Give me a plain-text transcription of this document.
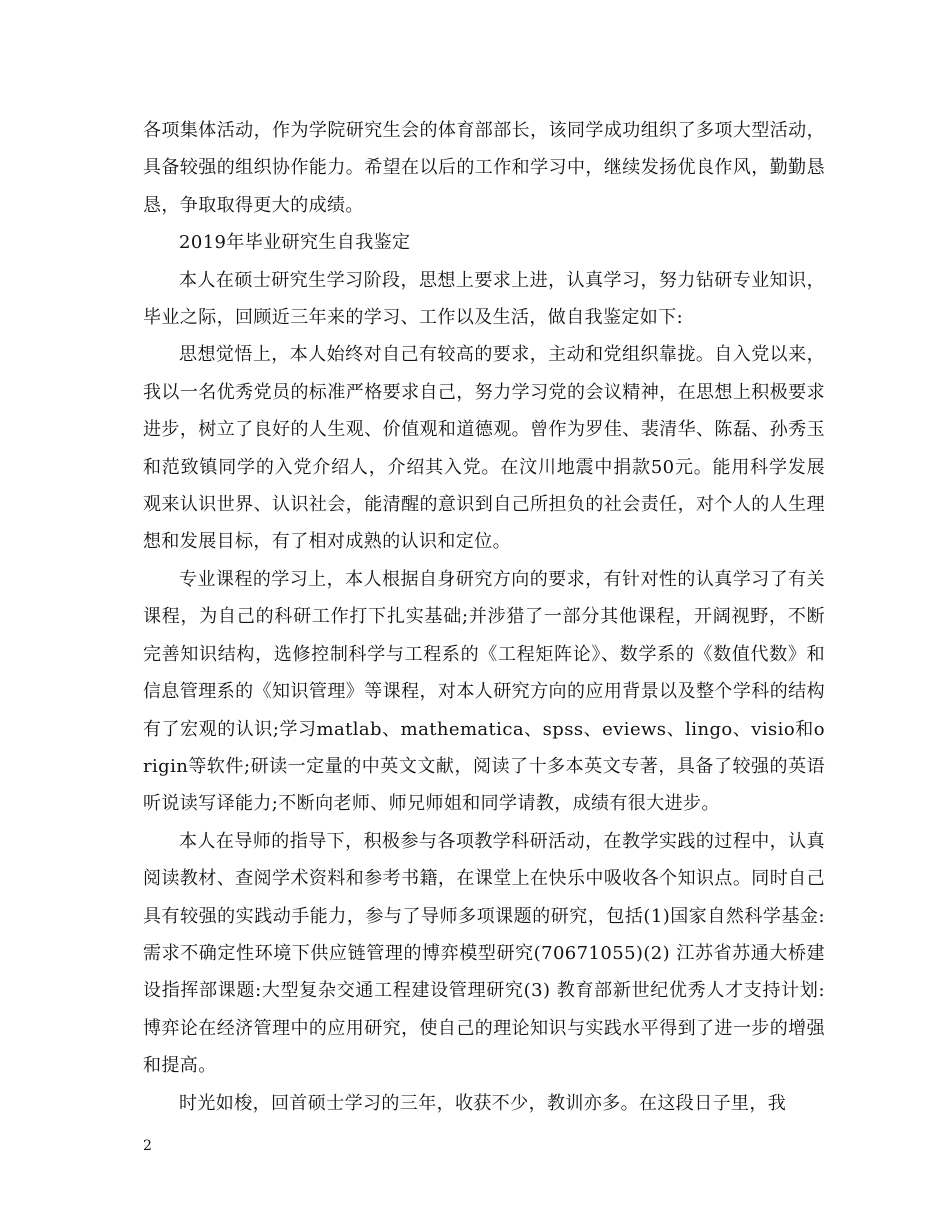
各项集体活动，作为学院研究生会的体育部部长，该同学成功组织了多项大型活动，具备较强的组织协作能力。希望在以后的工作和学习中，继续发扬优良作风，勤勤恳恳，争取取得更大的成绩。

2019年毕业研究生自我鉴定

本人在硕士研究生学习阶段，思想上要求上进，认真学习，努力钻研专业知识，毕业之际，回顾近三年来的学习、工作以及生活，做自我鉴定如下:

思想觉悟上，本人始终对自己有较高的要求，主动和党组织靠拢。自入党以来，我以一名优秀党员的标准严格要求自己，努力学习党的会议精神，在思想上积极要求进步，树立了良好的人生观、价值观和道德观。曾作为罗佳、裴清华、陈磊、孙秀玉和范致镇同学的入党介绍人，介绍其入党。在汶川地震中捐款50元。能用科学发展观来认识世界、认识社会，能清醒的意识到自己所担负的社会责任，对个人的人生理想和发展目标，有了相对成熟的认识和定位。

专业课程的学习上，本人根据自身研究方向的要求，有针对性的认真学习了有关课程，为自己的科研工作打下扎实基础;并涉猎了一部分其他课程，开阔视野，不断完善知识结构，选修控制科学与工程系的《工程矩阵论》、数学系的《数值代数》和信息管理系的《知识管理》等课程，对本人研究方向的应用背景以及整个学科的结构有了宏观的认识;学习matlab、mathematica、spss、eviews、lingo、visio和origin等软件;研读一定量的中英文文献，阅读了十多本英文专著，具备了较强的英语听说读写译能力;不断向老师、师兄师姐和同学请教，成绩有很大进步。

本人在导师的指导下，积极参与各项教学科研活动，在教学实践的过程中，认真阅读教材、查阅学术资料和参考书籍，在课堂上在快乐中吸收各个知识点。同时自己具有较强的实践动手能力，参与了导师多项课题的研究，包括(1)国家自然科学基金:需求不确定性环境下供应链管理的博弈模型研究(70671055)(2) 江苏省苏通大桥建设指挥部课题:大型复杂交通工程建设管理研究(3) 教育部新世纪优秀人才支持计划:博弈论在经济管理中的应用研究，使自己的理论知识与实践水平得到了进一步的增强和提高。

时光如梭，回首硕士学习的三年，收获不少，教训亦多。在这段日子里，我

2
